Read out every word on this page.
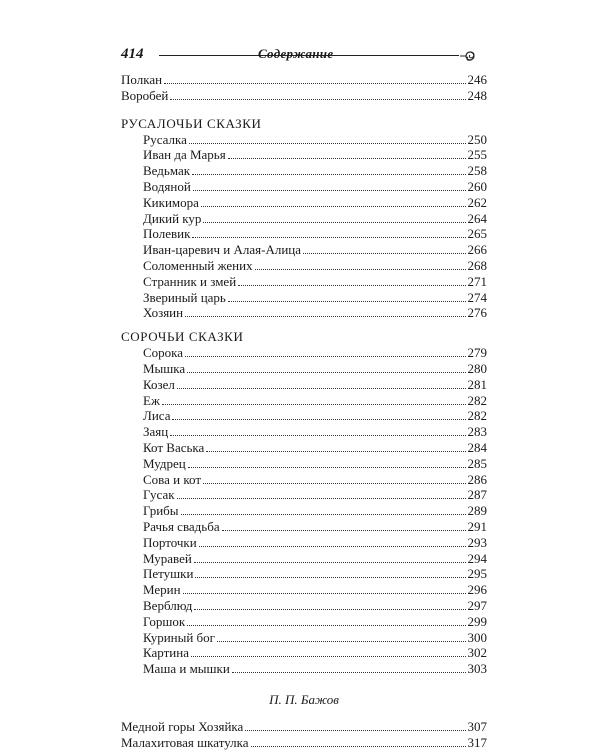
414	Содержание
Полкан	246
Воробей	248
РУСАЛОЧЬИ СКАЗКИ
Русалка	250
Иван да Марья	255
Ведьмак	258
Водяной	260
Кикимора	262
Дикий кур	264
Полевик	265
Иван-царевич и Алая-Алица	266
Соломенный жених	268
Странник и змей	271
Звериный царь	274
Хозяин	276
СОРОЧЬИ СКАЗКИ
Сорока	279
Мышка	280
Козел	281
Еж	282
Лиса	282
Заяц	283
Кот Васька	284
Мудрец	285
Сова и кот	286
Гусак	287
Грибы	289
Рачья свадьба	291
Порточки	293
Муравей	294
Петушки	295
Мерин	296
Верблюд	297
Горшок	299
Куриный бог	300
Картина	302
Маша и мышки	303
П. П. Бажов
Медной горы Хозяйка	307
Малахитовая шкатулка	317
